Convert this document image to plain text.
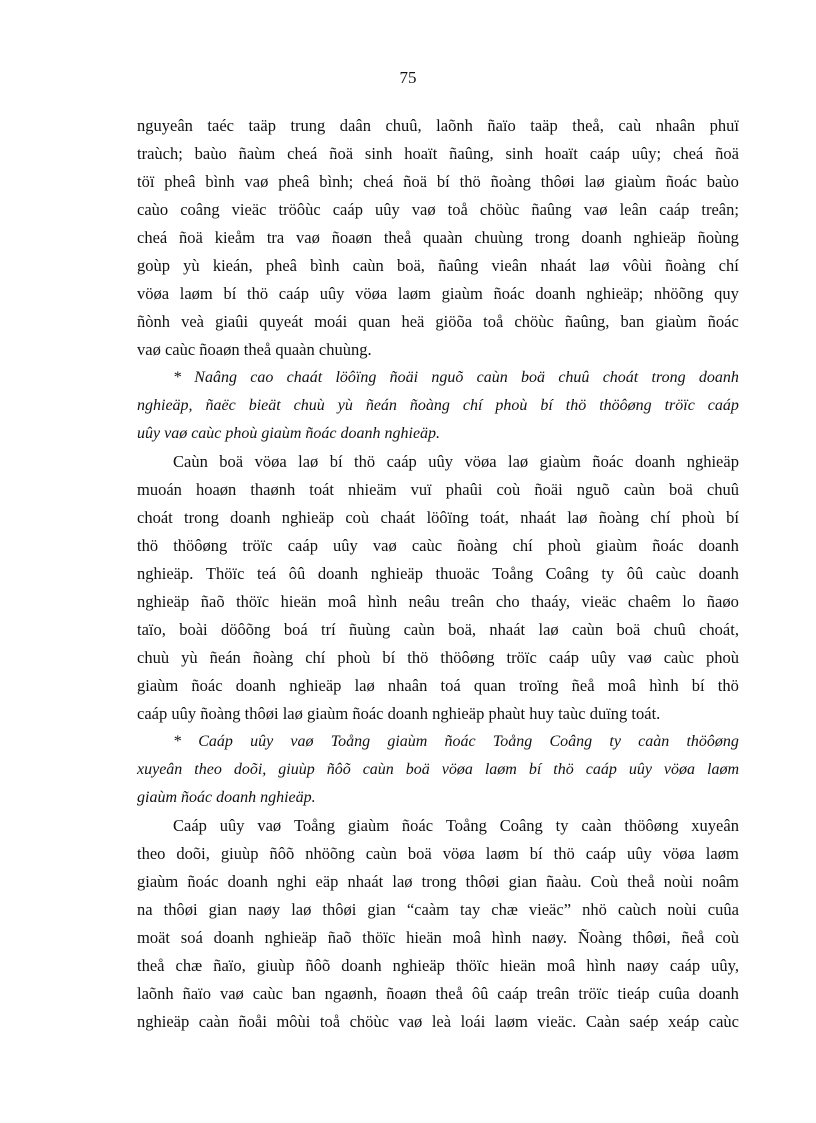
75
nguyeân taéc taäp trung daân chuû, laõnh ñaïo taäp theå, caù nhaân phuï
traùch; baùo ñaùm cheá ñoä sinh hoaït ñaûng, sinh hoaït caáp uûy; cheá ñoä
töï pheâ bình vaø pheâ bình; cheá ñoä bí thö ñoàng thôøi laø giaùm ñoác baùo
caùo coâng vieäc tröôùc caáp uûy vaø toå chöùc ñaûng vaø leân caáp treân;
cheá ñoä kieåm tra vaø ñoaøn theå quaàn chuùng trong doanh nghieäp ñoùng
goùp yù kieán, pheâ bình caùn boä, ñaûng vieân nhaát laø vôùi ñoàng chí
vöøa laøm bí thö caáp uûy vöøa laøm giaùm ñoác doanh nghieäp; nhöõng quy
ñònh veà giaûi quyeát moái quan heä giöõa toå chöùc ñaûng, ban giaùm ñoác
vaø caùc ñoaøn theå quaàn chuùng.
* Naâng cao chaát löôïng ñoäi nguõ caùn boä chuû choát trong doanh
nghieäp, ñaëc bieät chuù yù ñeán ñoàng chí phoù bí thö thöôøng tröïc caáp
uûy vaø caùc phoù giaùm ñoác doanh nghieäp.
Caùn boä vöøa laø bí thö caáp uûy vöøa laø giaùm ñoác doanh nghieäp
muoán hoaøn thaønh toát nhieäm vuï phaûi coù ñoäi nguõ caùn boä chuû
choát trong doanh nghieäp coù chaát löôïng toát, nhaát laø ñoàng chí phoù bí
thö thöôøng tröïc caáp uûy vaø caùc ñoàng chí phoù giaùm ñoác doanh
nghieäp. Thöïc teá ôû doanh nghieäp thuoäc Toång Coâng ty ôû caùc doanh
nghieäp ñaõ thöïc hieän moâ hình neâu treân cho thaáy, vieäc chaêm lo ñaøo
taïo, boài döôõng boá trí ñuùng caùn boä, nhaát laø caùn boä chuû choát,
chuù yù ñeán ñoàng chí phoù bí thö thöôøng tröïc caáp uûy vaø caùc phoù
giaùm ñoác doanh nghieäp laø nhaân toá quan troïng ñeå moâ hình bí thö
caáp uûy ñoàng thôøi laø giaùm ñoác doanh nghieäp phaùt huy taùc duïng toát.
* Caáp uûy vaø Toång giaùm ñoác Toång Coâng ty caàn thöôøng
xuyeân theo doõi, giuùp ñôõ caùn boä vöøa laøm bí thö caáp uûy vöøa laøm
giaùm ñoác doanh nghieäp.
Caáp uûy vaø Toång giaùm ñoác Toång Coâng ty caàn thöôøng xuyeân
theo doõi, giuùp ñôõ nhöõng caùn boä vöøa laøm bí thö caáp uûy vöøa laøm
giaùm ñoác doanh nghi eäp nhaát laø trong thôøi gian ñaàu. Coù theå noùi noâm
na thôøi gian naøy laø thôøi gian “caàm tay chæ vieäc” nhö caùch noùi cuûa
moät soá doanh nghieäp ñaõ thöïc hieän moâ hình naøy. Ñoàng thôøi, ñeå coù
theå chæ ñaïo, giuùp ñôõ doanh nghieäp thöïc hieän moâ hình naøy caáp uûy,
laõnh ñaïo vaø caùc ban ngaønh, ñoaøn theå ôû caáp treân tröïc tieáp cuûa doanh
nghieäp caàn ñoåi môùi toå chöùc vaø leà loái laøm vieäc. Caàn saép xeáp caùc
